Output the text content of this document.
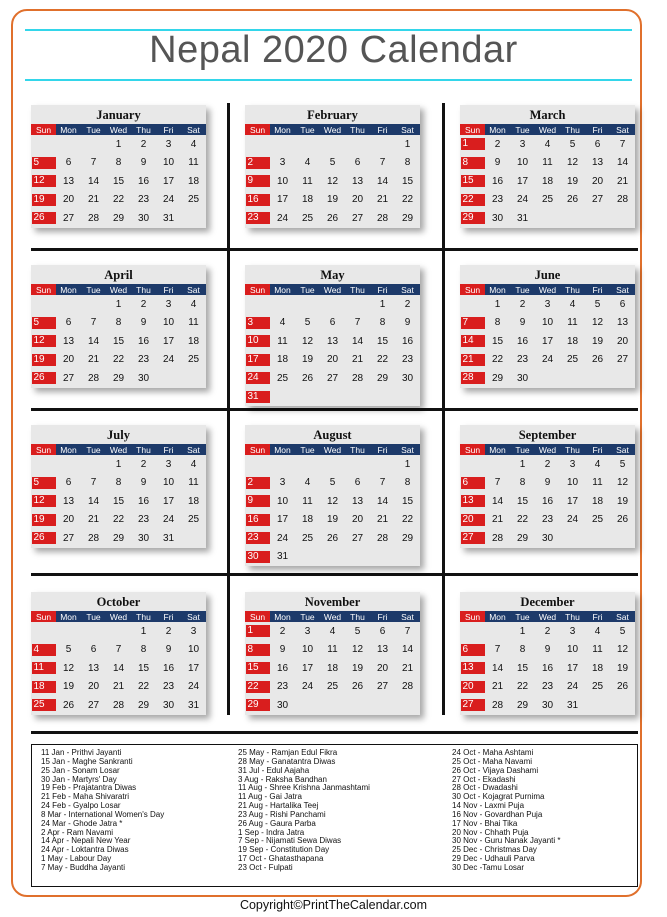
Nepal 2020 Calendar
January
Sun	Mon	Tue	Wed	Thu	Fri	Sat
			1	2	3	4
5	6	7	8	9	10	11
12	13	14	15	16	17	18
19	20	21	22	23	24	25
26	27	28	29	30	31	
February
Sun	Mon	Tue	Wed	Thu	Fri	Sat
						1
2	3	4	5	6	7	8
9	10	11	12	13	14	15
16	17	18	19	20	21	22
23	24	25	26	27	28	29
March
Sun	Mon	Tue	Wed	Thu	Fri	Sat
1	2	3	4	5	6	7
8	9	10	11	12	13	14
15	16	17	18	19	20	21
22	23	24	25	26	27	28
29	30	31				
April
Sun	Mon	Tue	Wed	Thu	Fri	Sat
			1	2	3	4
5	6	7	8	9	10	11
12	13	14	15	16	17	18
19	20	21	22	23	24	25
26	27	28	29	30		
May
Sun	Mon	Tue	Wed	Thu	Fri	Sat
					1	2
3	4	5	6	7	8	9
10	11	12	13	14	15	16
17	18	19	20	21	22	23
24	25	26	27	28	29	30
31						
June
Sun	Mon	Tue	Wed	Thu	Fri	Sat
	1	2	3	4	5	6
7	8	9	10	11	12	13
14	15	16	17	18	19	20
21	22	23	24	25	26	27
28	29	30				
July
Sun	Mon	Tue	Wed	Thu	Fri	Sat
			1	2	3	4
5	6	7	8	9	10	11
12	13	14	15	16	17	18
19	20	21	22	23	24	25
26	27	28	29	30	31	
August
Sun	Mon	Tue	Wed	Thu	Fri	Sat
						1
2	3	4	5	6	7	8
9	10	11	12	13	14	15
16	17	18	19	20	21	22
23	24	25	26	27	28	29
30	31					
September
Sun	Mon	Tue	Wed	Thu	Fri	Sat
		1	2	3	4	5
6	7	8	9	10	11	12
13	14	15	16	17	18	19
20	21	22	23	24	25	26
27	28	29	30			
October
Sun	Mon	Tue	Wed	Thu	Fri	Sat
				1	2	3
4	5	6	7	8	9	10
11	12	13	14	15	16	17
18	19	20	21	22	23	24
25	26	27	28	29	30	31
November
Sun	Mon	Tue	Wed	Thu	Fri	Sat
1	2	3	4	5	6	7
8	9	10	11	12	13	14
15	16	17	18	19	20	21
22	23	24	25	26	27	28
29	30					
December
Sun	Mon	Tue	Wed	Thu	Fri	Sat
		1	2	3	4	5
6	7	8	9	10	11	12
13	14	15	16	17	18	19
20	21	22	23	24	25	26
27	28	29	30	31		
11 Jan - Prithvi Jayanti
15 Jan - Maghe Sankranti
25 Jan - Sonam Losar
30 Jan - Martyrs' Day
19 Feb - Prajatantra Diwas
21 Feb - Maha Shivaratri
24 Feb - Gyalpo Losar
8 Mar - International Women's Day
24 Mar - Ghode Jatra *
2 Apr - Ram Navami
14 Apr - Nepali New Year
24 Apr - Loktantra Diwas
1 May - Labour Day
7 May - Buddha Jayanti
25 May - Ramjan Edul Fikra
28 May - Ganatantra Diwas
31 Jul - Edul Aajaha
3 Aug - Raksha Bandhan
11 Aug - Shree Krishna Janmashtami
11 Aug - Gai Jatra
21 Aug - Hartalika Teej
23 Aug - Rishi Panchami
26 Aug - Gaura Parba
1 Sep - Indra Jatra
7 Sep - Nijamati Sewa Diwas
19 Sep - Constitution Day
17 Oct - Ghatasthapana
23 Oct - Fulpati
24 Oct - Maha Ashtami
25 Oct - Maha Navami
26 Oct - Vijaya Dashami
27 Oct - Ekadashi
28 Oct - Dwadashi
30 Oct - Kojagrat Purnima
14 Nov - Laxmi Puja
16 Nov - Govardhan Puja
17 Nov - Bhai Tika
20 Nov - Chhath Puja
30 Nov - Guru Nanak Jayanti *
25 Dec - Christmas Day
29 Dec - Udhauli Parva
30 Dec -Tamu Losar
Copyright©PrintTheCalendar.com
